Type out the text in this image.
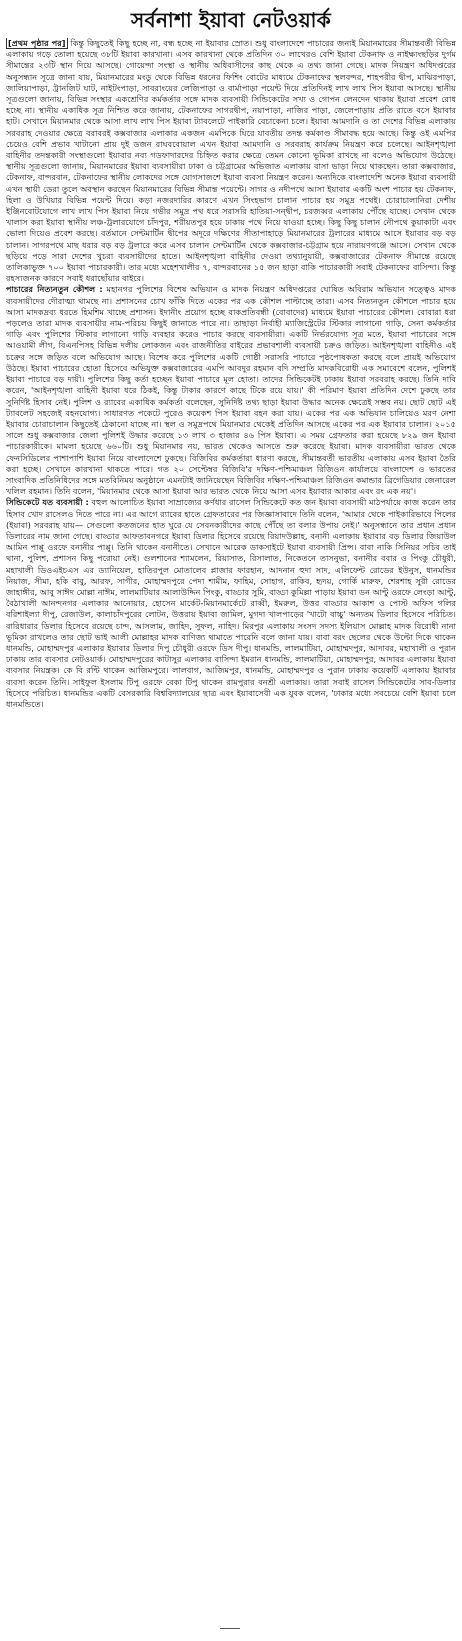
সর্বনাশা ইয়াবা নেটওয়ার্ক

[প্রথম পৃষ্ঠার পর] কিন্তু কিছুতেই কিছু হচ্ছে না, বন্ধ হচ্ছে না ইয়াবার স্রোত। শুধু বাংলাদেশে পাচারের জন্যই মিয়ানমারের সীমান্তবর্তী বিভিন্ন এলাকায় গড়ে তোলা হয়েছে ৩৮টি ইয়াবা কারখানা। এসব কারখানা থেকে প্রতিদিন ৩০ লাখেরও বেশি ইয়াবা টেকনাফ ও নাইক্ষ্যংছড়ির দুর্গম সীমান্তের ২৩টি স্থান দিয়ে আসছে। গোয়েন্দা সংস্থা ও স্থানীয় অধিবাসীদের কাছ থেকে এ তথ্য জানা গেছে। মাদক নিয়ন্ত্রণ অধিদপ্তরের অনুসন্ধান সূত্রে জানা যায়, মিয়ানমারের মংডু থেকে বিভিন্ন ধরনের ফিশিং বোটের মাধ্যমে টেকনাফের স্থলবন্দর, শাহপরীর দ্বীপ, মাঝিরপাড়া, জালিয়াপাড়া, ট্রানজিট ঘাট, নাইটংপাড়া, সাবরাংয়ের লেজিপাড়া ও বার্মাপাড়া পয়েন্ট দিয়ে প্রতিদিনই লাখ লাখ পিস ইয়াবা আসছে। স্থানীয় সূত্রগুলো জানায়, বিভিন্ন সংস্থার একশ্রেণির কর্মকর্তার সঙ্গে মাদক ব্যবসায়ী সিন্ডিকেটের সখ্য ও গোপন লেনদেন থাকায় ইয়াবা প্রবেশ রোধ হচ্ছে না। স্থানীয় একাধিক সূত্র নিশ্চিত করে জানায়, টেকনাফের সাগরদ্বীপ, নয়াপাড়া, নাজির পাড়া, জেলেপাড়ায় প্রতি রাতে বসে ইয়াবার হাট। সেখানে মিয়ানমার থেকে আসা লাখ লাখ পিস ইয়াবা ট্যাবলেটে পাইকারি বেচাকেনা চলে। ইয়াবা আমদানি ও তা দেশের বিভিন্ন এলাকায় সরবরাহ দেওয়ার ক্ষেত্রে বরাবরই কক্সবাজার এলাকার একজন এমপিকে ঘিরে যাবতীয় তদন্ত কর্মকাণ্ড সীমাবদ্ধ হয়ে আছে। কিন্তু ওই এমপির চেয়েও বেশি প্রভাব খাটানো প্রায় দুই ডজন রাঘববোয়াল এখন ইয়াবা আমদানি ও সরবরাহ কার্যক্রম নিয়ন্ত্রণ করে চলেছে। আইনশৃঙ্খলা বাহিনীর তদন্তকারী সংস্থাগুলো ইয়াবার নব্য গডফাদারদের চিহ্নিত করার ক্ষেত্রে তেমন কোনো ভূমিকা রাখছে না বলেও অভিযোগ উঠেছে। স্থানীয় সূত্রগুলো জানায়, মিয়ানমারের ইয়াবা ব্যবসায়ীরা ঢাকা ও চট্টগ্রামের অভিজাত এলাকায় বাসা ভাড়া নিয়ে থাকছেন। তারা কক্সবাজার, টেকনাফ, বান্দরবান, টেকনাফের স্থানীয় লোকদের সঙ্গে যোগসাজশে ইয়াবা ব্যবসা নিয়ন্ত্রণ করেন। অন্যদিকে বাংলাদেশি অনেক ইয়াবা ব্যবসায়ী এখন স্থায়ী ডেরা তুলে অবস্থান করছেন মিয়ানমারের বিভিন্ন সীমান্ত পয়েন্টে। সাগর ও নদীপথে আসা ইয়াবার একটি অংশ পাচার হয় টেকনাফ, হিলা ও উখিয়ার বিভিন্ন পয়েন্ট দিয়ে। কড়া নজরদারির কারণে এখন সিংহভাগ চালান পাচার হয় সমুদ্র পথেই। চোরাচালানিরা দেশীয় ইঞ্জিনবোটযোগে লাখ লাখ পিস ইয়াবা নিয়ে গভীর সমুদ্র পথ ধরে সরাসরি হাতিয়া-সন্দ্বীপ, চরজব্বর এলাকায় পৌঁছে যাচ্ছে। সেখান থেকে খালাস করা ইয়াবা স্থানীয় লঞ্চ-ট্রলারযোগে চাঁদপুর, শরীয়তপুর হয়ে ঢাকায় পথে নিয়ে যাওয়া হচ্ছে। কিছু কিছু চালান নৌপথে কুয়াকাটা এবং ভোলা দিয়েও প্রবেশ করছে। বর্তমানে সেন্টমার্টিন দ্বীপের অদূরে দক্ষিণের সীতাপাহাড়ে মিয়ানমারের ট্রলারের মাধ্যমে আসে ইয়াবার বড় বড় চালান। সাগরপথে মাছ ধরার বড় বড় ট্রলারে করে এসব চালান সেন্টমার্টিন থেকে কক্সবাজার-চট্টগ্রাম হয়ে নারায়ণগঞ্জে আসে। সেখান থেকে ছড়িয়ে পড়ে সারা দেশের খুচরা ব্যবসায়ীদের হাতে। আইনশৃঙ্খলা বাহিনীর দেওয়া তথ্যানুযায়ী, কক্সবাজারের টেকনাফ সীমান্তে রয়েছে তালিকাভুক্ত ৭০০ ইয়াবা পাচারকারী। তার মধ্যে মহেশখালীর ৭, বান্দরবানের ১৫ জন ছাড়া বাকি পাচারকারী সবাই টেকনাফের বাসিন্দা। কিন্তু রহস্যজনক কারণে সবাই ধরাছোঁয়ার বাইরে।

পাচারের নিত্যনতুন কৌশল : মহানগর পুলিশের বিশেষ অভিযান ও মাদক নিয়ন্ত্রণ অধিদপ্তরের ঘোষিত অবিরাম অভিযান সত্ত্বেও মাদক ব্যবসায়ীদের দৌরাত্ম্য থামছে না। প্রশাসনের চোখ ফাঁকি দিতে একের পর এক কৌশল পাল্টাচ্ছে তারা। এসব নিত্যনতুন কৌশলে পাচার হয়ে আসা মাদকদ্রব্য ধরতে হিমশিম খাচ্ছে প্রশাসন। ইদানীং প্রয়োগ হচ্ছে বাকপ্রতিবন্ধী (বোবাদের) মাধ্যমে ইয়াবা পাচারের কৌশল। বোবারা ধরা পড়লেও তারা মাদক ব্যবসায়ীর নাম-পরিচয় কিছুই জানাতে পারে না। তাছাড়া নির্বাহী ম্যাজিস্ট্রেটের স্টিকার লাগানো গাড়ি, সেনা কর্মকর্তার গাড়ি এবং পুলিশের স্টিকার লাগানো গাড়ি ব্যবহার করেও পাচার করছে ব্যবসায়ীরা। একটি নির্ভরযোগ্য সূত্র মতে, ইয়াবা পাচারের সঙ্গে আওয়ামী লীগ, বিএনপিসহ বিভিন্ন দলীয় লোকজন এবং রাজনীতির বাইরের প্রভাবশালী ব্যবসায়ী চক্রও জড়িত। আইনশৃঙ্খলা বাহিনীও এই চক্রের সঙ্গে জড়িত বলে অভিযোগ আছে। বিশেষ করে পুলিশের একটি গোষ্ঠী সরাসরি পাচারে পৃষ্ঠপোষকতা করছে বলে প্রায়ই অভিযোগ উঠছে। ইয়াবা পাচারের হোতা হিসেবে অভিযুক্ত কক্সবাজারের এমপি আবদুর রহমান বদি সম্প্রতি মাদকবিরোধী এক সমাবেশে বলেন, পুলিশই ইয়াবা পাচারে বড় দায়ী। পুলিশের কিছু কর্তা হচ্ছেন ইয়াবা পাচারে মূল হোতা। তাদের সিন্ডিকেটই ঢাকায় ইয়াবা সরবরাহ করছে। তিনি দাবি করেন, 'আইনশৃঙ্খলা বাহিনী ইয়াবা ধরে ঠিকই, কিন্তু টাকার কারণে কাছে টিকে রয়ে যায়।' কী পরিমাণ ইয়াবা প্রতিদিন দেশে ঢুকছে তার সুনির্দিষ্ট হিসাব নেই। পুলিশ ও র‍্যাবের একাধিক কর্মকর্তা বলেছেন, সুনির্দিষ্ট তথ্য ছাড়া ইয়াবা উদ্ধার অনেক ক্ষেত্রেই সম্ভব নয়। ছোট ছোট এই ট্যাবলেট সহজেই বহনযোগ্য। সাধারণত পকেটে পুরেও কয়েকশ পিস ইয়াবা বহন করা যায়। একের পর এক অভিযান চালিয়েও মরণ নেশা ইয়াবার চোরাচালান কিছুতেই ঠেকানো যাচ্ছে না। স্থল ও সমুদ্রপথে মিয়ানমার থেকেই প্রতিদিন আসছে একের পর এক ইয়াবার চালান। ২০১৫ সালে শুধু কক্সবাজার জেলা পুলিশই উদ্ধার করেছে ১৩ লাখ ৩ হাজার ৪৬ পিস ইয়াবা। এ সময় গ্রেফতার করা হয়েছে ৮২৯ জন ইয়াবা পাচারকারীকে। মামলা হয়েছে ৬৬০টি। শুধু মিয়ানমার নয়, ভারত থেকেও আসতে শুরু করেছে ইয়াবা। মাদক ব্যবসায়ীরা ভারত থেকে ফেনসিডিলের পাশাপাশি ইয়াবা নিয়ে বাংলাদেশে ঢুকছে। বিজিবির কর্মকর্তারা ধারণা করছে, সীমান্তবর্তী ভারতীয় এলাকায় এসব ইয়াবা তৈরি করা হচ্ছে। সেখানে কারখানা থাকতে পারে। গত ২০ সেপ্টেম্বর বিজিবি'র দক্ষিণ-পশ্চিমাঞ্চল রিজিওন কার্যালয়ে বাংলাদেশ ও ভারতের সাংবাদিক প্রতিনিধিদের সঙ্গে মতবিনিময় অনুষ্ঠানে এমনটাই জানিয়েছেন বিজিবির দক্ষিণ-পশ্চিমাঞ্চল রিজিওন কমান্ডার ব্রিগেডিয়ার জেনারেল খলিল রহমান। তিনি বলেন, 'মিয়ানমার থেকে আসা ইয়াবা আর ভারত থেকে নিয়ে আসা এসব ইয়াবার আকার এবং রং এক নয়'।

সিন্ডিকেটে যত ব্যবসায়ী : বহুল আলোচিত ইয়াবা সাম্রাজ্যের কর্ণধার রাসেল সিন্ডিকেটে কত জন ইয়াবা ব্যবসায়ী মাঠপর্যায়ে কাজ করেন তার হিসাব খোদ রাসেলও দিতে পারে না। এর আগে র‍্যাবের হাতে গ্রেফতারের পর জিজ্ঞাসাবাদে তিনি বলেন, 'আমার থেকে পাইকারিভাবে পিলের (ইয়াবা) সরবরাহ যায়— সেগুলো কতজনের হাত ঘুরে যে সেবনকারীদের কাছে পৌঁছে তা বলার উপায় নেই।' অনুসন্ধানে তার প্রধান প্রধান ডিলারের নাম জানা গেছে। বাড্ডার আফতাবনগরে ইয়াবা ডিলার হিসেবে রয়েছে রিয়াদউল্লাহ, বনানী এলাকায় ইয়াবার বড় ডিলার জিয়াউল আমিন পাপ্পু ওরফে বনানীর পাপ্পু। তিনি থাকেন বনানীতে। সেখানে আরেক ডাকসাইটে ইয়াবা ব্যবসায়ী প্রিন্স। বাবা নাকি সিনিয়র সচিব তাই থানা, পুলিশ, প্রশাসন কিছু পরোয়া নেই। গুলশানের শ্যামলেন, রিয়াসাত, রিসালাত, নিকেতনে তাসনুভা, বনানীর ববার ও পিংকু চৌধুরী, মহাখালী ডিওএইচএস এর ড্যানিয়েল, হাতিরপুল মোতালেব প্লাজার ফারহান, আদনান হুদা সাদ, এলিফেন্ট রোডের ইউনুস, ধানমন্ডির নিয়াজ, সীমা, হকি বাবু, আরফ, সাগীর, মোহাম্মদপুরে পেদা শামীম, ফাহিম, সোহাগ, রাকিব, হৃদয়, গোর্কি মারুফ, শেরশাহ সুরী রোডের জাহাঙ্গীর, আবু সাঈদ মোল্লা নাঈম, লালমাটিয়ার আলাউদ্দিন পিংকু, বাড্ডার সুমি, বাড্ডা কুমিল্লা পাড়ায় ইয়াবা ডন আন্টু ওরফে লেংড়া আন্টু, বৈঠাখালী আনন্দনগর এলাকার আনোয়ার, হোসেন মার্কেট-মিয়ানমার্কেটে রাব্বী, ইমরুল, উত্তর বাড্ডার আকাশ ও পোস্ট অফিস গলির বরিশাইল্যা দীপু, রেজাউল, কালাচাঁদপুরের লোটন, উত্তরায় ইয়াবা জামিল, মুগদা খালপাড়ের 'খাটো বাচ্চু' অন্যতম ডিলার হিসেবে পরিচিত। বারিধারার ডিলার হিসেবে রয়েছে চান্দ, আসলাম, জাহিদ, সুফল, নাহিদ। মিরপুর এলাকায় সংসদ সদস্য ইলিয়াস মোল্লাহ মাদক বিরোধী নানা ভূমিকা রাখলেও তার ছোট ভাই আলী মোল্লাহর মাদক বাণিজ্য থামাতে পারেনি বলে জানা যায়। বাবা বরং ছেলের থেকে উল্টো দিকে থাকেন ধানমন্ডি, মোহাম্মদপুর এলাকার ইয়াবার ডিলার দিপু চৌধুরী ওরফে ডিস দীপু। ধানমন্ডি, লালমাটিয়া, মোহাম্মদপুর, আদাবর, মহাখালী ও পুরান ঢাকায় তার ব্যবসার নেটওয়ার্ক। মোহাম্মদপুরের কাটাসুর এলাকার বাসিন্দা ইমরান ধানমন্ডি, লালমাটিয়া, মোহাম্মদপুর, আদাবর এলাকায় ইয়াবা ব্যবসার নিয়ন্ত্রক। কে বি রন্টি থাকেন আজিমপুরে। লালবাগ, আজিমপুর, ধানমন্ডি, মোহাম্মদপুর ও পুরান ঢাকায় কয়েকটি এলাকায় ইয়াবার ব্যবসা করেন তিনি। সাইফুল ইসলাম টিপু ওরফে বেকা টিপু থাকেন রামপুরার বনশ্রী এলাকায়। তারা সবাই রাসেল সিন্ডিকেটের সাব-ডিলার হিসেবে পরিচিত। ধানমন্ডির একটি বেসরকারি বিশ্ববিদ্যালয়ের ছাত্র এবং ইয়াবাসেবী এক যুবক বলেন, 'ঢাকার মধ্যে সবচেয়ে বেশি ইয়াবা চলে ধানমন্ডিতে।
